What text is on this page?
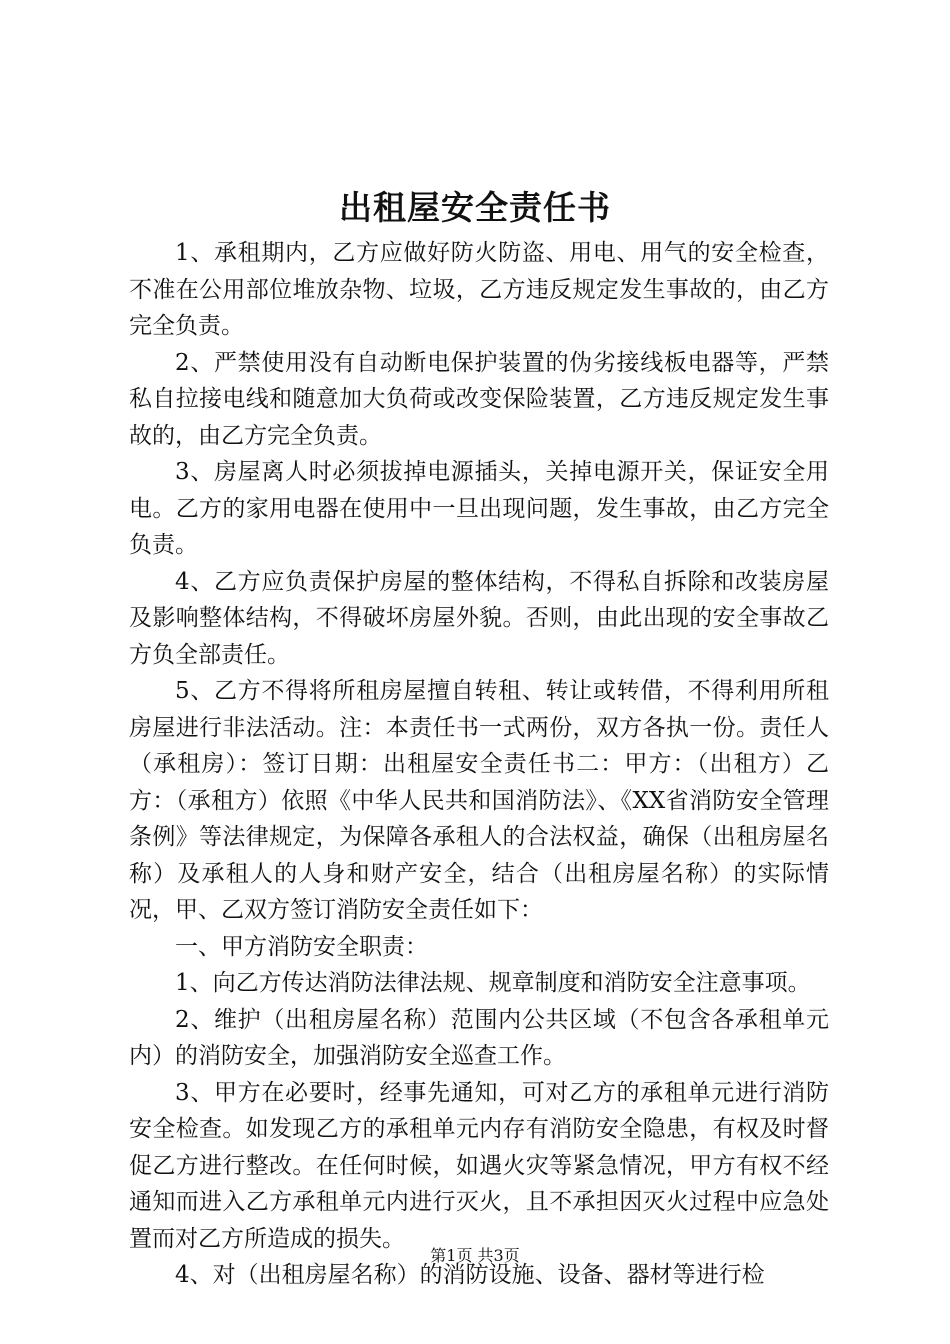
出租屋安全责任书

1、承租期内，乙方应做好防火防盗、用电、用气的安全检查，不准在公用部位堆放杂物、垃圾，乙方违反规定发生事故的，由乙方完全负责。

2、严禁使用没有自动断电保护装置的伪劣接线板电器等，严禁私自拉接电线和随意加大负荷或改变保险装置，乙方违反规定发生事故的，由乙方完全负责。

3、房屋离人时必须拔掉电源插头，关掉电源开关，保证安全用电。乙方的家用电器在使用中一旦出现问题，发生事故，由乙方完全负责。

4、乙方应负责保护房屋的整体结构，不得私自拆除和改装房屋及影响整体结构，不得破坏房屋外貌。否则，由此出现的安全事故乙方负全部责任。

5、乙方不得将所租房屋擅自转租、转让或转借，不得利用所租房屋进行非法活动。注：本责任书一式两份，双方各执一份。责任人（承租房）：签订日期：出租屋安全责任书二：甲方：（出租方）乙方：（承租方）依照《中华人民共和国消防法》、《XX省消防安全管理条例》等法律规定，为保障各承租人的合法权益，确保（出租房屋名称）及承租人的人身和财产安全，结合（出租房屋名称）的实际情况，甲、乙双方签订消防安全责任如下：

一、甲方消防安全职责：

1、向乙方传达消防法律法规、规章制度和消防安全注意事项。

2、维护（出租房屋名称）范围内公共区域（不包含各承租单元内）的消防安全，加强消防安全巡查工作。

3、甲方在必要时，经事先通知，可对乙方的承租单元进行消防安全检查。如发现乙方的承租单元内存有消防安全隐患，有权及时督促乙方进行整改。在任何时候，如遇火灾等紧急情况，甲方有权不经通知而进入乙方承租单元内进行灭火，且不承担因灭火过程中应急处置而对乙方所造成的损失。

4、对（出租房屋名称）的消防设施、设备、器材等进行检

第1页 共3页
